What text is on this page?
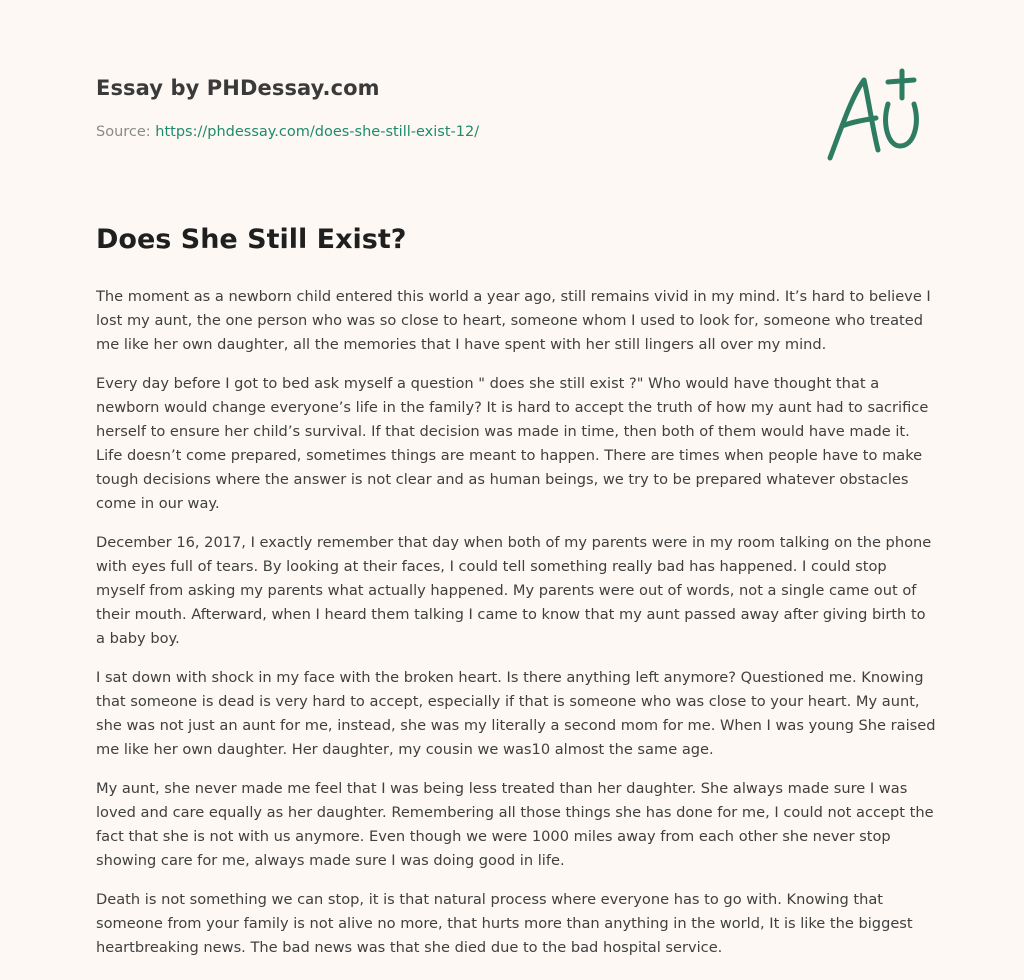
Essay by PHDessay.com
Source: https://phdessay.com/does-she-still-exist-12/
Does She Still Exist?

The moment as a newborn child entered this world a year ago, still remains vivid in my mind. It’s hard to believe I lost my aunt, the one person who was so close to heart, someone whom I used to look for, someone who treated me like her own daughter, all the memories that I have spent with her still lingers all over my mind.

Every day before I got to bed ask myself a question " does she still exist ?" Who would have thought that a newborn would change everyone’s life in the family? It is hard to accept the truth of how my aunt had to sacrifice herself to ensure her child’s survival. If that decision was made in time, then both of them would have made it. Life doesn’t come prepared, sometimes things are meant to happen. There are times when people have to make tough decisions where the answer is not clear and as human beings, we try to be prepared whatever obstacles come in our way.

December 16, 2017, I exactly remember that day when both of my parents were in my room talking on the phone with eyes full of tears. By looking at their faces, I could tell something really bad has happened. I could stop myself from asking my parents what actually happened. My parents were out of words, not a single came out of their mouth. Afterward, when I heard them talking I came to know that my aunt passed away after giving birth to a baby boy.

I sat down with shock in my face with the broken heart. Is there anything left anymore? Questioned me. Knowing that someone is dead is very hard to accept, especially if that is someone who was close to your heart. My aunt, she was not just an aunt for me, instead, she was my literally a second mom for me. When I was young She raised me like her own daughter. Her daughter, my cousin we was10 almost the same age.

My aunt, she never made me feel that I was being less treated than her daughter. She always made sure I was loved and care equally as her daughter. Remembering all those things she has done for me, I could not accept the fact that she is not with us anymore. Even though we were 1000 miles away from each other she never stop showing care for me, always made sure I was doing good in life.

Death is not something we can stop, it is that natural process where everyone has to go with. Knowing that someone from your family is not alive no more, that hurts more than anything in the world, It is like the biggest heartbreaking news. The bad news was that she died due to the bad hospital service.
